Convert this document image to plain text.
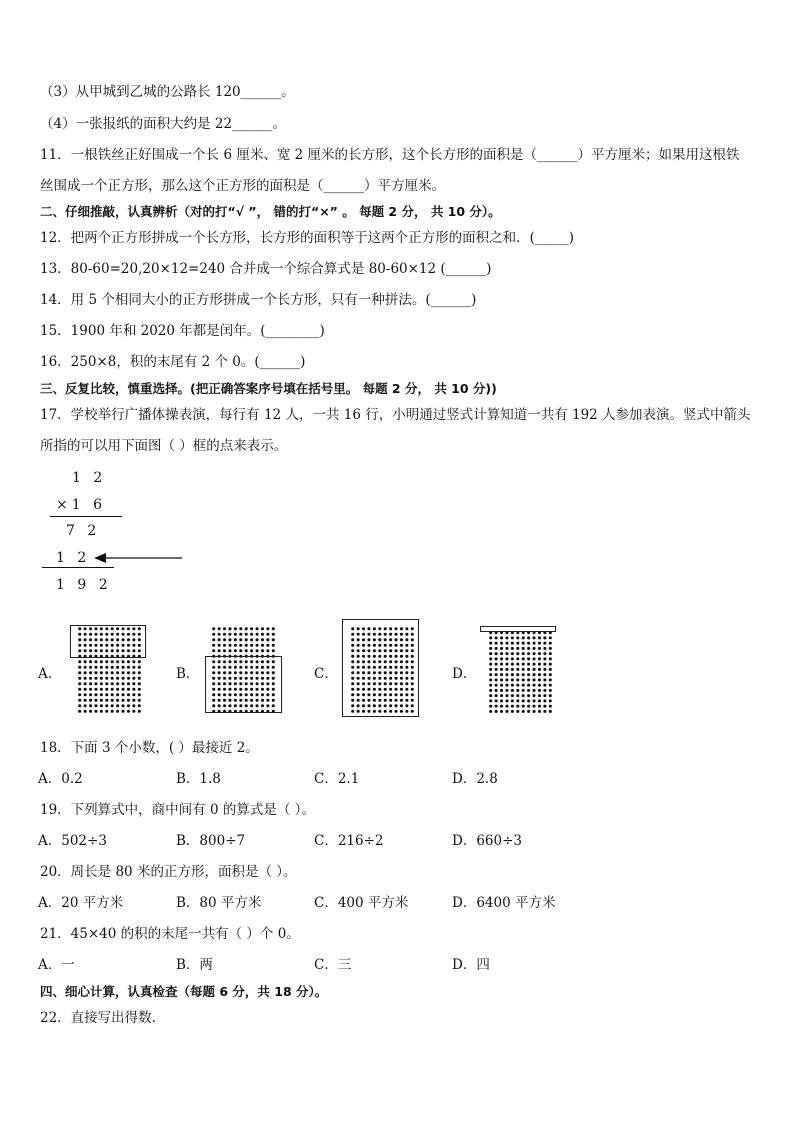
（3）从甲城到乙城的公路长 120______。
（4）一张报纸的面积大约是 22______。
11．一根铁丝正好围成一个长 6 厘米、宽 2 厘米的长方形，这个长方形的面积是（______）平方厘米；如果用这根铁
丝围成一个正方形，那么这个正方形的面积是（______）平方厘米。
二、仔细推敲，认真辨析（对的打“√ ”， 错的打“×” 。 每题 2 分， 共 10 分）。
12．把两个正方形拼成一个长方形，长方形的面积等于这两个正方形的面积之和．(_____)
13．80-60=20,20×12=240 合并成一个综合算式是 80-60×12 (______)
14．用 5 个相同大小的正方形拼成一个长方形，只有一种拼法。(______)
15．1900 年和 2020 年都是闰年。(________)
16．250×8，积的末尾有 2 个 0。(______)
三、反复比较，慎重选择。(把正确答案序号填在括号里。 每题 2 分， 共 10 分))
17．学校举行广播体操表演，每行有 12 人，一共 16 行，小明通过竖式计算知道一共有 192 人参加表演。竖式中箭头
所指的可以用下面图（ ）框的点来表示。
1 2
×1 6
7 2
1 2
1 9 2
A．	B．	C．	D．
18．下面 3 个小数，( ）最接近 2。
A．0.2	B．1.8	C．2.1	D．2.8
19．下列算式中，商中间有 0 的算式是（ ）。
A．502÷3	B．800÷7	C．216÷2	D．660÷3
20．周长是 80 米的正方形，面积是（ ）。
A．20 平方米	B．80 平方米	C．400 平方米	D．6400 平方米
21．45×40 的积的末尾一共有（ ）个 0。
A．一	B．两	C．三	D．四
四、细心计算，认真检查（每题 6 分，共 18 分）。
22．直接写出得数.
